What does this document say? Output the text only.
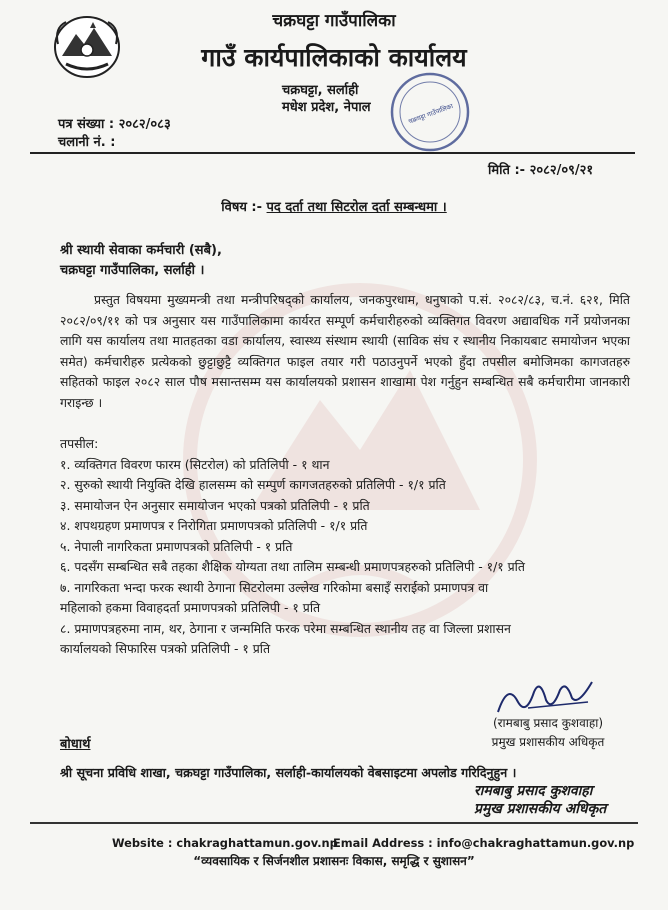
चक्रघट्टा गाउँपालिका
गाउँ कार्यपालिकाको कार्यालय
चक्रघट्टा, सर्लाही
मधेश प्रदेश, नेपाल	चक्रघट्टा गाउँपालिका
पत्र संख्या : २०८२/०८३
चलानी नं. :
मिति :- २०८२/०९/२१
विषय :- पद दर्ता तथा सिटरोल दर्ता सम्बन्धमा ।
श्री स्थायी सेवाका कर्मचारी (सबै),
चक्रघट्टा गाउँपालिका, सर्लाही ।
प्रस्तुत विषयमा मुख्यमन्त्री तथा मन्त्रीपरिषद्को कार्यालय, जनकपुरधाम, धनुषाको प.सं. २०८२/८३, च.नं. ६२१, मिति २०८२/०९/११ को पत्र अनुसार यस गाउँपालिकामा कार्यरत सम्पूर्ण कर्मचारीहरुको व्यक्तिगत विवरण अद्यावधिक गर्ने प्रयोजनका लागि यस कार्यालय तथा मातहतका वडा कार्यालय, स्वास्थ्य संस्थाम स्थायी (साविक संघ र स्थानीय निकायबाट समायोजन भएका समेत) कर्मचारीहरु प्रत्येकको छुट्टाछुट्टै व्यक्तिगत फाइल तयार गरी पठाउनुपर्ने भएको हुँदा तपसील बमोजिमका कागजतहरु सहितको फाइल २०८२ साल पौष मसान्तसम्म यस कार्यालयको प्रशासन शाखामा पेश गर्नुहुन सम्बन्धित सबै कर्मचारीमा जानकारी गराइन्छ ।
तपसील:
१. व्यक्तिगत विवरण फारम (सिटरोल) को प्रतिलिपी - १ थान
२. सुरुको स्थायी नियुक्ति देखि हालसम्म को सम्पुर्ण कागजतहरुको प्रतिलिपी - १/१ प्रति
३. समायोजन ऐन अनुसार समायोजन भएको पत्रको प्रतिलिपी - १ प्रति
४. शपथग्रहण प्रमाणपत्र र निरोगिता प्रमाणपत्रको प्रतिलिपी - १/१ प्रति
५. नेपाली नागरिकता प्रमाणपत्रको प्रतिलिपी - १ प्रति
६. पदसँग सम्बन्धित सबै तहका शैक्षिक योग्यता तथा तालिम सम्बन्धी प्रमाणपत्रहरुको प्रतिलिपी - १/१ प्रति
७. नागरिकता भन्दा फरक स्थायी ठेगाना सिटरोलमा उल्लेख गरिकोमा बसाइँ सराईको प्रमाणपत्र वा
महिलाको हकमा विवाहदर्ता प्रमाणपत्रको प्रतिलिपी - १ प्रति
८. प्रमाणपत्रहरुमा नाम, थर, ठेगाना र जन्ममिति फरक परेमा सम्बन्धित स्थानीय तह वा जिल्ला प्रशासन
कार्यालयको सिफारिस पत्रको प्रतिलिपी - १ प्रति
(रामबाबु प्रसाद कुशवाहा)
प्रमुख प्रशासकीय अधिकृत
बोधार्थ
श्री सूचना प्रविधि शाखा, चक्रघट्टा गाउँपालिका, सर्लाही-कार्यालयको वेबसाइटमा अपलोड गरिदिनुहुन ।
रामबाबु प्रसाद कुशवाहा
प्रमुख प्रशासकीय अधिकृत
Website : chakraghattamun.gov.np
Email Address : info@chakraghattamun.gov.np
“व्यवसायिक र सिर्जनशील प्रशासनः विकास, समृद्धि र सुशासन”
